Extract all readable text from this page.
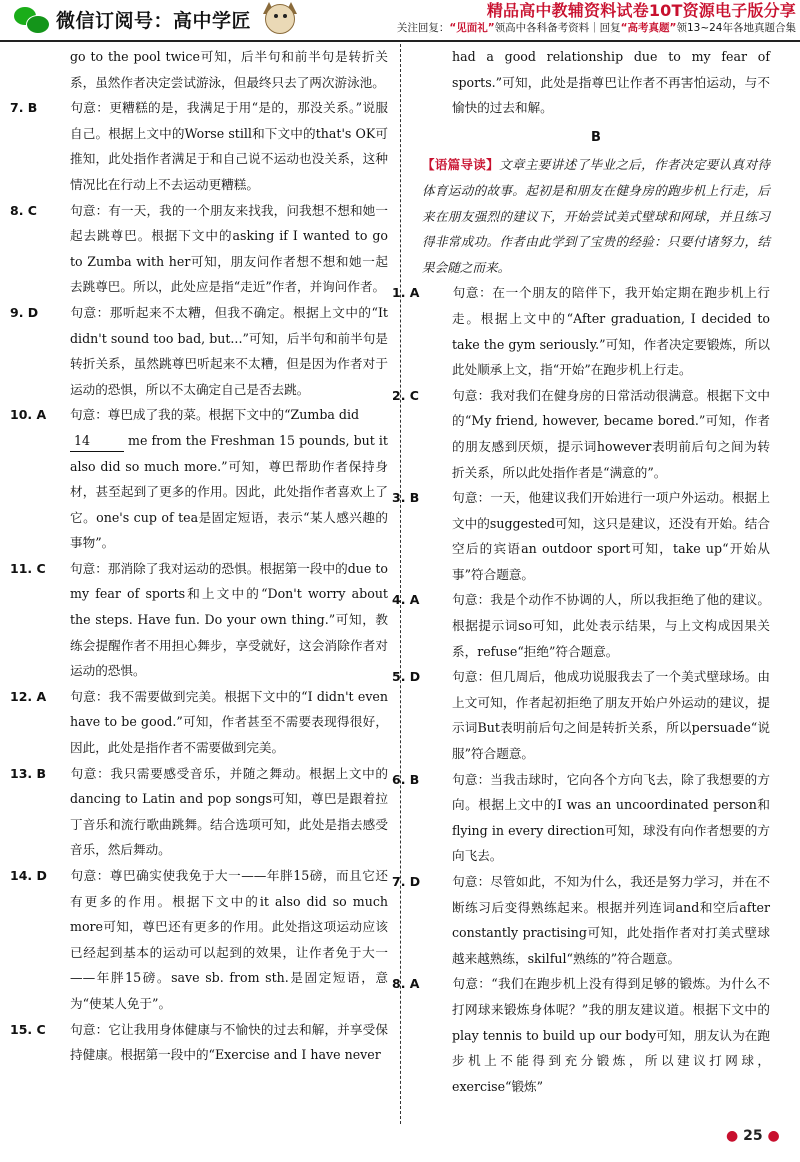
微信订阅号：高中学匠	精品高中教辅资料试卷10T资源电子版分享
关注回复：“见面礼”领高中各科备考资料｜回复“高考真题”领13~24年各地真题合集

go to the pool twice可知，后半句和前半句是转折关系，虽然作者决定尝试游泳，但最终只去了两次游泳池。

7. B	句意：更糟糕的是，我满足于用“是的，那没关系。”说服自己。根据上文中的Worse still和下文中的that's OK可推知，此处指作者满足于和自己说不运动也没关系，这种情况比在行动上不去运动更糟糕。

8. C	句意：有一天，我的一个朋友来找我，问我想不想和她一起去跳尊巴。根据下文中的asking if I wanted to go to Zumba with her可知，朋友问作者想不想和她一起去跳尊巴。所以，此处应是指“走近”作者，并询问作者。

9. D	句意：那听起来不太糟，但我不确定。根据上文中的“It didn't sound too bad, but...”可知，后半句和前半句是转折关系，虽然跳尊巴听起来不太糟，但是因为作者对于运动的恐惧，所以不太确定自己是否去跳。

10. A 句意：尊巴成了我的菜。根据下文中的“Zumba did
14	me from the Freshman 15 pounds, but it also did so much more.”可知，尊巴帮助作者保持身材，甚至起到了更多的作用。因此，此处指作者喜欢上了它。one's cup of tea是固定短语，表示“某人感兴趣的事物”。

11. C 句意：那消除了我对运动的恐惧。根据第一段中的due to my fear of sports和上文中的“Don't worry about the steps. Have fun. Do your own thing.”可知，教练会提醒作者不用担心舞步，享受就好，这会消除作者对运动的恐惧。

12. A 句意：我不需要做到完美。根据下文中的“I didn't even have to be good.”可知，作者甚至不需要表现得很好，因此，此处是指作者不需要做到完美。

13. B 句意：我只需要感受音乐，并随之舞动。根据上文中的dancing to Latin and pop songs可知，尊巴是跟着拉丁音乐和流行歌曲跳舞。结合选项可知，此处是指去感受音乐，然后舞动。

14. D 句意：尊巴确实使我免于大一——年胖15磅，而且它还有更多的作用。根据下文中的it also did so much more可知，尊巴还有更多的作用。此处指这项运动应该已经起到基本的运动可以起到的效果，让作者免于大一——年胖15磅。save sb. from sth.是固定短语，意为“使某人免于”。

15. C 句意：它让我用身体健康与不愉快的过去和解，并享受保持健康。根据第一段中的“Exercise and I have never

had a good relationship due to my fear of sports.”可知，此处是指尊巴让作者不再害怕运动，与不愉快的过去和解。

B

【语篇导读】文章主要讲述了毕业之后，作者决定要认真对待体育运动的故事。起初是和朋友在健身房的跑步机上行走，后来在朋友强烈的建议下，开始尝试美式壁球和网球，并且练习得非常成功。作者由此学到了宝贵的经验：只要付诸努力，结果会随之而来。

1. A	句意：在一个朋友的陪伴下，我开始定期在跑步机上行走。根据上文中的“After graduation, I decided to take the gym seriously.”可知，作者决定要锻炼，所以此处顺承上文，指“开始”在跑步机上行走。

2. C	句意：我对我们在健身房的日常活动很满意。根据下文中的“My friend, however, became bored.”可知，作者的朋友感到厌烦，提示词however表明前后句之间为转折关系，所以此处指作者是“满意的”。

3. B	句意：一天，他建议我们开始进行一项户外运动。根据上文中的suggested可知，这只是建议，还没有开始。结合空后的宾语an outdoor sport可知，take up“开始从事”符合题意。

4. A	句意：我是个动作不协调的人，所以我拒绝了他的建议。根据提示词so可知，此处表示结果，与上文构成因果关系，refuse“拒绝”符合题意。

5. D	句意：但几周后，他成功说服我去了一个美式壁球场。由上文可知，作者起初拒绝了朋友开始户外运动的建议，提示词But表明前后句之间是转折关系，所以persuade“说服”符合题意。

6. B	句意：当我击球时，它向各个方向飞去，除了我想要的方向。根据上文中的I was an uncoordinated person和flying in every direction可知，球没有向作者想要的方向飞去。

7. D	句意：尽管如此，不知为什么，我还是努力学习，并在不断练习后变得熟练起来。根据并列连词and和空后after constantly practising可知，此处指作者对打美式壁球越来越熟练，skilful“熟练的”符合题意。

8. A	句意：“我们在跑步机上没有得到足够的锻炼。为什么不打网球来锻炼身体呢？”我的朋友建议道。根据下文中的play tennis to build up our body可知，朋友认为在跑步机上不能得到充分锻炼，所以建议打网球，exercise“锻炼”

● 25 ●
